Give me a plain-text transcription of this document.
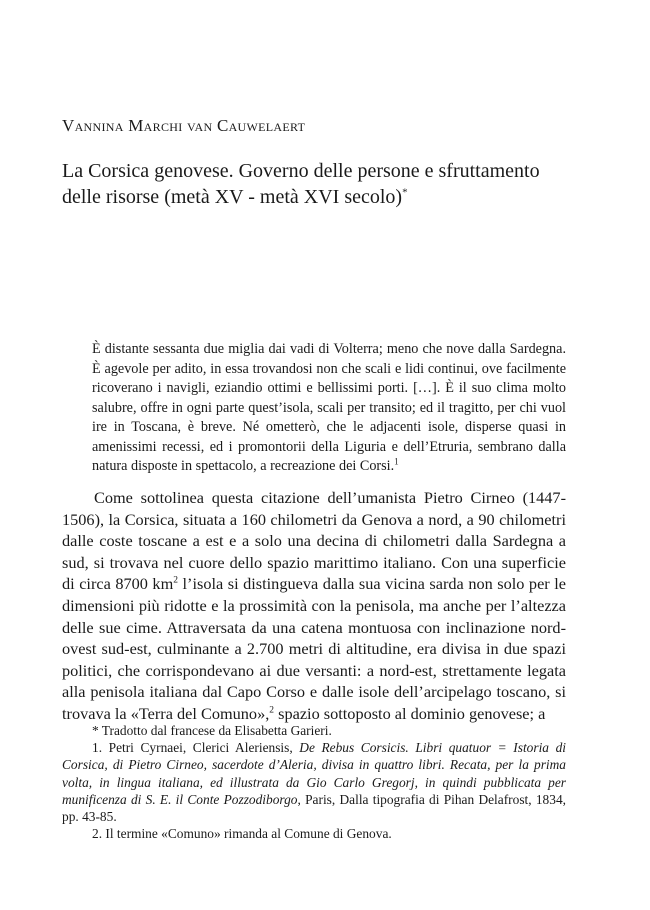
Vannina Marchi van Cauwelaert
La Corsica genovese. Governo delle persone e sfruttamento delle risorse (metà XV - metà XVI secolo)*

È distante sessanta due miglia dai vadi di Volterra; meno che nove dalla Sardegna. È agevole per adito, in essa trovandosi non che scali e lidi continui, ove facilmente ricoverano i navigli, eziandio ottimi e bellissimi porti. […]. È il suo clima molto salubre, offre in ogni parte quest’isola, scali per transito; ed il tragitto, per chi vuol ire in Toscana, è breve. Né ometterò, che le adjacenti isole, disperse quasi in amenissimi recessi, ed i promontorii della Liguria e dell’Etruria, sembrano dalla natura disposte in spettacolo, a recreazione dei Corsi.$^1$

Come sottolinea questa citazione dell’umanista Pietro Cirneo (1447-1506), la Corsica, situata a 160 chilometri da Genova a nord, a 90 chilometri dalle coste toscane a est e a solo una decina di chilometri dalla Sardegna a sud, si trovava nel cuore dello spazio marittimo italiano. Con una superficie di circa 8700 $km^2$ l’isola si distingueva dalla sua vicina sarda non solo per le dimensioni più ridotte e la prossimità con la penisola, ma anche per l’altezza delle sue cime. Attraversata da una catena montuosa con inclinazione nord-ovest sud-est, culminante a 2.700 metri di altitudine, era divisa in due spazi politici, che corrispondevano ai due versanti: a nord-est, strettamente legata alla penisola italiana dal Capo Corso e dalle isole dell’arcipelago toscano, si trovava la «Terra del Comuno»,$^2$ spazio sottoposto al dominio genovese; a

* Tradotto dal francese da Elisabetta Garieri.

1. Petri Cyrnaei, Clerici Aleriensis, De Rebus Corsicis. Libri quatuor = Istoria di Corsica, di Pietro Cirneo, sacerdote d’Aleria, divisa in quattro libri. Recata, per la prima volta, in lingua italiana, ed illustrata da Gio Carlo Gregorj, in quindi pubblicata per munificenza di S. E. il Conte Pozzodiborgo, Paris, Dalla tipografia di Pihan Delafrost, 1834, pp. 43-85.

2. Il termine «Comuno» rimanda al Comune di Genova.
